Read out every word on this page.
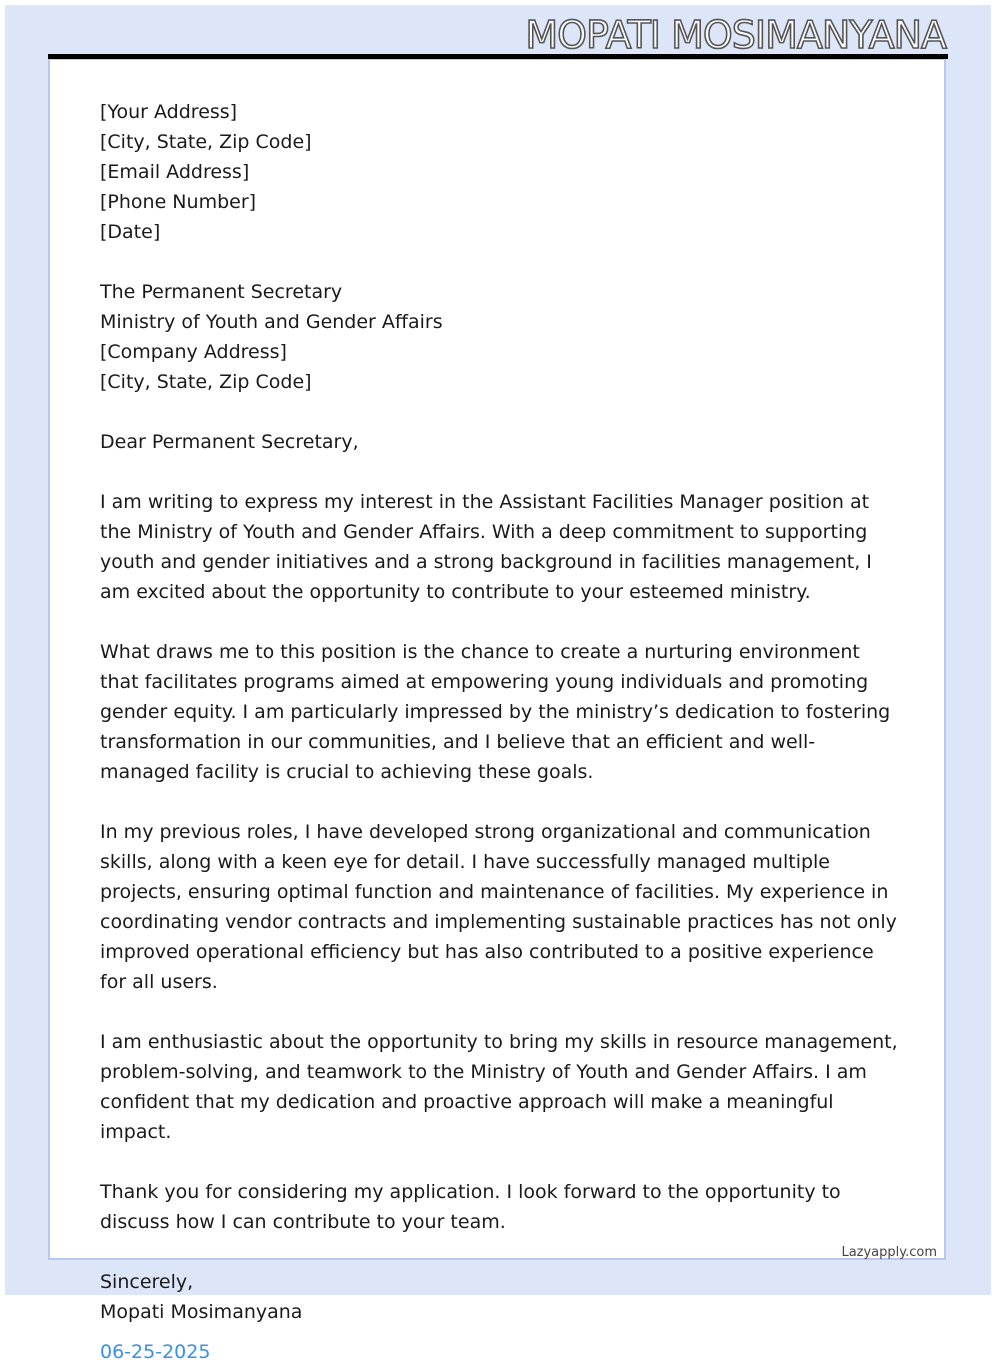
MOPATI MOSIMANYANA
[Your Address]
[City, State, Zip Code]
[Email Address]
[Phone Number]
[Date]
The Permanent Secretary
Ministry of Youth and Gender Affairs
[Company Address]
[City, State, Zip Code]
Dear Permanent Secretary,

I am writing to express my interest in the Assistant Facilities Manager position at the Ministry of Youth and Gender Affairs. With a deep commitment to supporting youth and gender initiatives and a strong background in facilities management, I am excited about the opportunity to contribute to your esteemed ministry.

What draws me to this position is the chance to create a nurturing environment that facilitates programs aimed at empowering young individuals and promoting gender equity. I am particularly impressed by the ministry’s dedication to fostering transformation in our communities, and I believe that an efficient and well-managed facility is crucial to achieving these goals.

In my previous roles, I have developed strong organizational and communication skills, along with a keen eye for detail. I have successfully managed multiple projects, ensuring optimal function and maintenance of facilities. My experience in coordinating vendor contracts and implementing sustainable practices has not only improved operational efficiency but has also contributed to a positive experience for all users.

I am enthusiastic about the opportunity to bring my skills in resource management, problem-solving, and teamwork to the Ministry of Youth and Gender Affairs. I am confident that my dedication and proactive approach will make a meaningful impact.

Thank you for considering my application. I look forward to the opportunity to discuss how I can contribute to your team.

Sincerely,
Mopati Mosimanyana
06-25-2025
Lazyapply.com
